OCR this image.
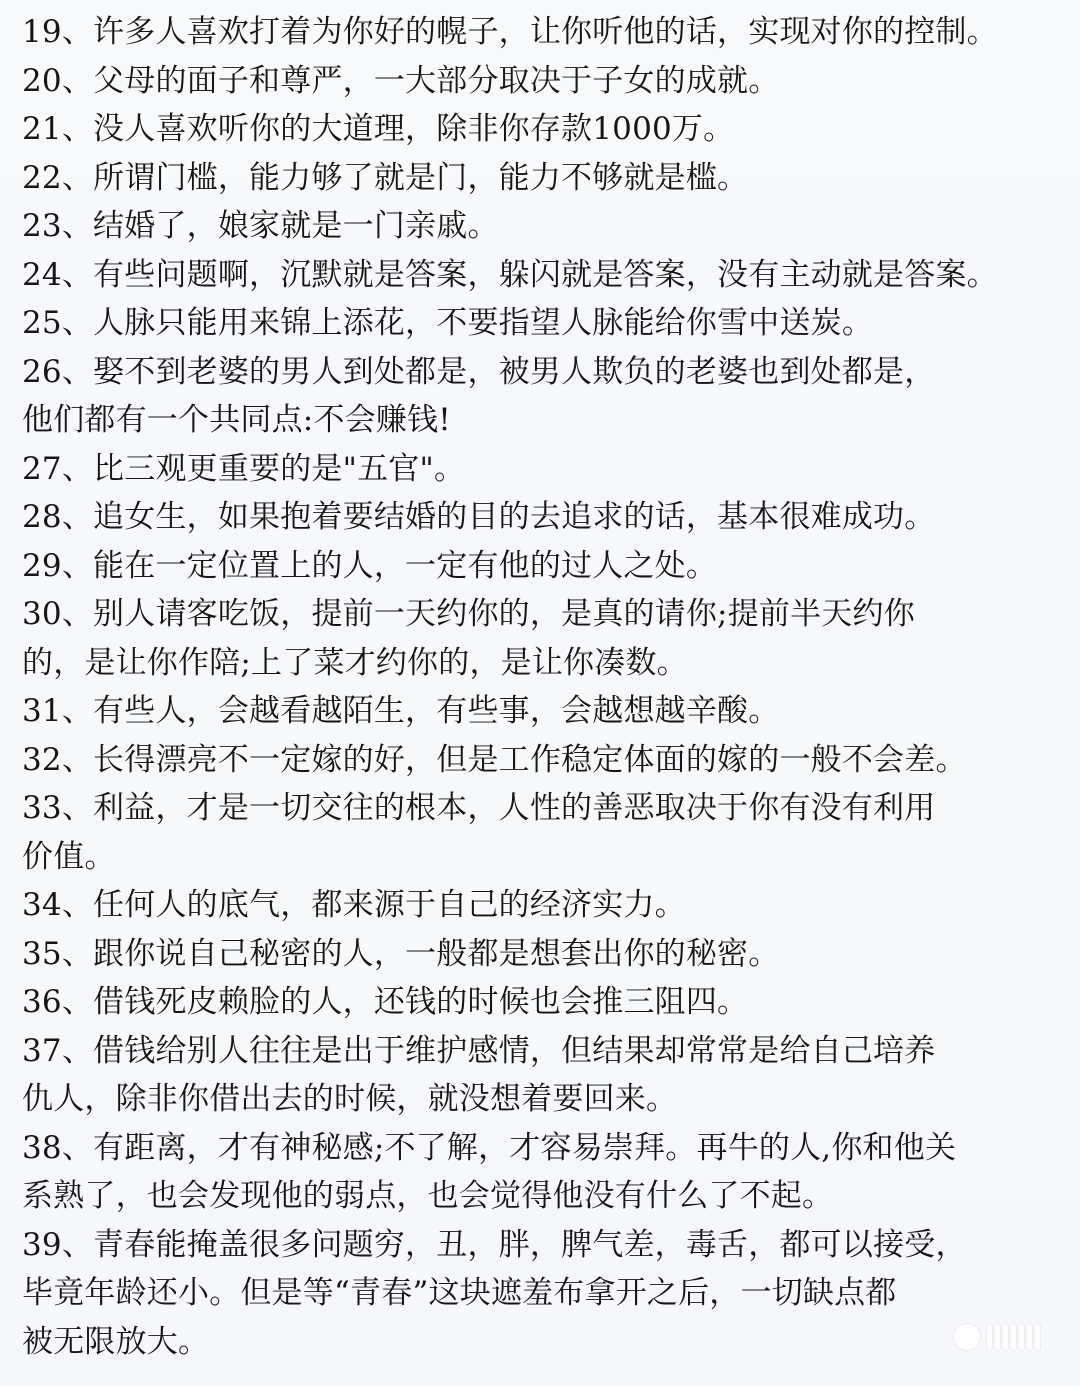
19、许多人喜欢打着为你好的幌子，让你听他的话，实现对你的控制。
20、父母的面子和尊严，一大部分取决于子女的成就。
21、没人喜欢听你的大道理，除非你存款1000万。
22、所谓门槛，能力够了就是门，能力不够就是槛。
23、结婚了，娘家就是一门亲戚。
24、有些问题啊，沉默就是答案，躲闪就是答案，没有主动就是答案。
25、人脉只能用来锦上添花，不要指望人脉能给你雪中送炭。
26、娶不到老婆的男人到处都是，被男人欺负的老婆也到处都是，
他们都有一个共同点:不会赚钱!
27、比三观更重要的是"五官"。
28、追女生，如果抱着要结婚的目的去追求的话，基本很难成功。
29、能在一定位置上的人，一定有他的过人之处。
30、别人请客吃饭，提前一天约你的，是真的请你;提前半天约你
的，是让你作陪;上了菜才约你的，是让你凑数。
31、有些人，会越看越陌生，有些事，会越想越辛酸。
32、长得漂亮不一定嫁的好，但是工作稳定体面的嫁的一般不会差。
33、利益，才是一切交往的根本，人性的善恶取决于你有没有利用
价值。
34、任何人的底气，都来源于自己的经济实力。
35、跟你说自己秘密的人，一般都是想套出你的秘密。
36、借钱死皮赖脸的人，还钱的时候也会推三阻四。
37、借钱给别人往往是出于维护感情，但结果却常常是给自己培养
仇人，除非你借出去的时候，就没想着要回来。
38、有距离，才有神秘感;不了解，才容易崇拜。再牛的人,你和他关
系熟了，也会发现他的弱点，也会觉得他没有什么了不起。
39、青春能掩盖很多问题穷，丑，胖，脾气差，毒舌，都可以接受，
毕竟年龄还小。但是等“青春”这块遮羞布拿开之后，一切缺点都
被无限放大。
